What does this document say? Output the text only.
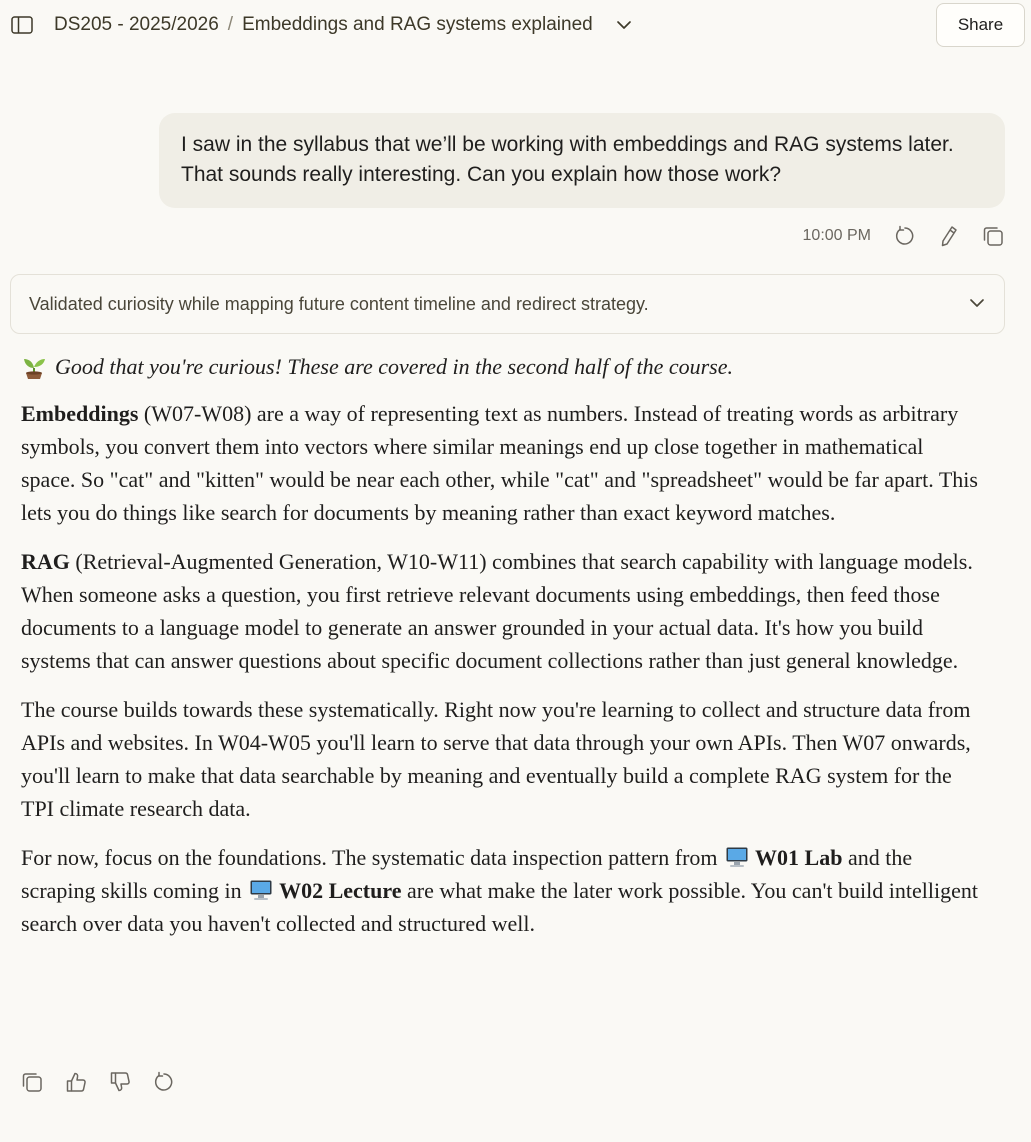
DS205 - 2025/2026 / Embeddings and RAG systems explained	Share
I saw in the syllabus that we’ll be working with embeddings and RAG systems later. That sounds really interesting. Can you explain how those work?
10:00 PM
Validated curiosity while mapping future content timeline and redirect strategy.

Good that you're curious! These are covered in the second half of the course.

Embeddings (W07-W08) are a way of representing text as numbers. Instead of treating words as arbitrary symbols, you convert them into vectors where similar meanings end up close together in mathematical space. So "cat" and "kitten" would be near each other, while "cat" and "spreadsheet" would be far apart. This lets you do things like search for documents by meaning rather than exact keyword matches.

RAG (Retrieval-Augmented Generation, W10-W11) combines that search capability with language models. When someone asks a question, you first retrieve relevant documents using embeddings, then feed those documents to a language model to generate an answer grounded in your actual data. It's how you build systems that can answer questions about specific document collections rather than just general knowledge.

The course builds towards these systematically. Right now you're learning to collect and structure data from APIs and websites. In W04-W05 you'll learn to serve that data through your own APIs. Then W07 onwards, you'll learn to make that data searchable by meaning and eventually build a complete RAG system for the TPI climate research data.

For now, focus on the foundations. The systematic data inspection pattern from
W01 Lab and the scraping skills coming in
W02 Lecture are what make the later work possible. You can't build intelligent search over data you haven't collected and structured well.
